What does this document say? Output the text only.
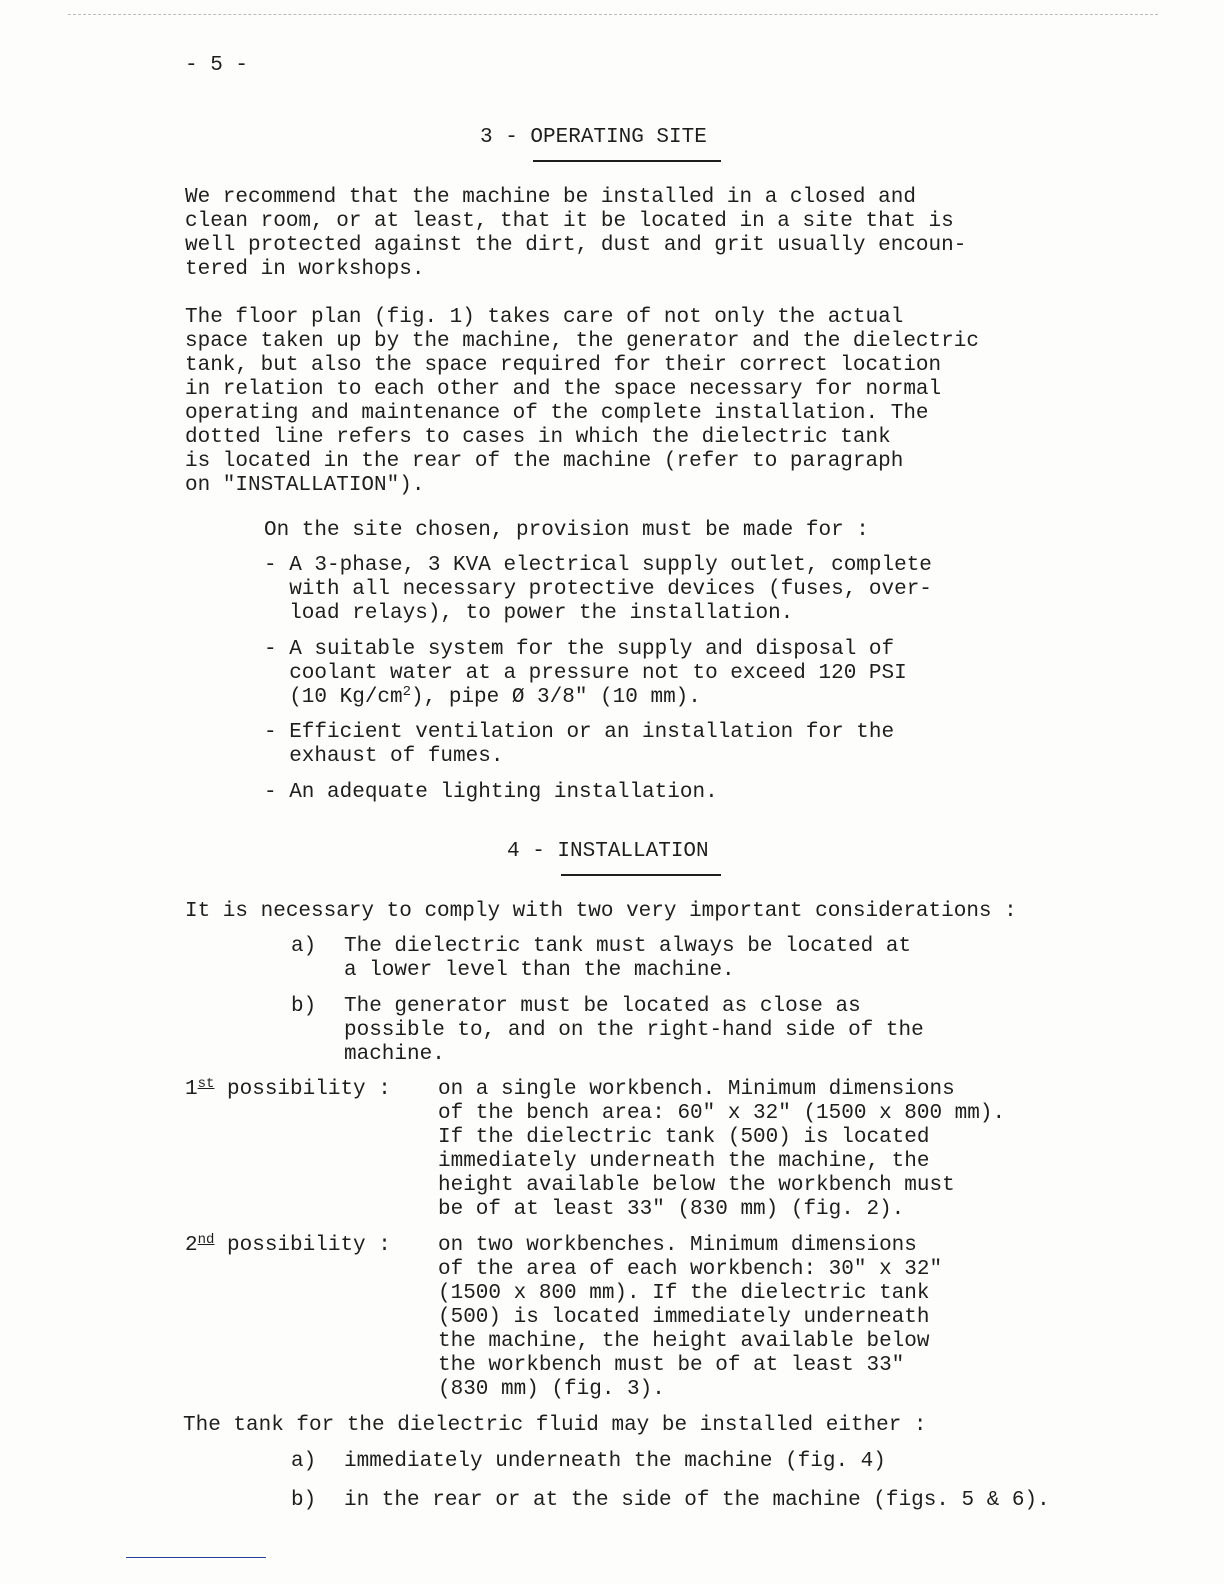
- 5 -
3 - OPERATING SITE
We recommend that the machine be installed in a closed and
clean room, or at least, that it be located in a site that is
well protected against the dirt, dust and grit usually encoun-
tered in workshops.
The floor plan (fig. 1) takes care of not only the actual
space taken up by the machine, the generator and the dielectric
tank, but also the space required for their correct location
in relation to each other and the space necessary for normal
operating and maintenance of the complete installation. The
dotted line refers to cases in which the dielectric tank
is located in the rear of the machine (refer to paragraph
on "INSTALLATION").
On the site chosen, provision must be made for :
- A 3-phase, 3 KVA electrical supply outlet, complete
with all necessary protective devices (fuses, over-
load relays), to power the installation.
- A suitable system for the supply and disposal of
coolant water at a pressure not to exceed 120 PSI
(10 $Kg/cm^2$), pipe Ø 3/8" (10 mm).
- Efficient ventilation or an installation for the
exhaust of fumes.
- An adequate lighting installation.
4 - INSTALLATION
It is necessary to comply with two very important considerations :
a) The dielectric tank must always be located at
a lower level than the machine.
b) The generator must be located as close as
possible to, and on the right-hand side of the
machine.
1st possibility : on a single workbench. Minimum dimensions
of the bench area: 60" x 32" (1500 x 800 mm).
If the dielectric tank (500) is located
immediately underneath the machine, the
height available below the workbench must
be of at least 33" (830 mm) (fig. 2).
2nd possibility : on two workbenches. Minimum dimensions
of the area of each workbench: 30" x 32"
(1500 x 800 mm). If the dielectric tank
(500) is located immediately underneath
the machine, the height available below
the workbench must be of at least 33"
(830 mm) (fig. 3).
The tank for the dielectric fluid may be installed either :
a) immediately underneath the machine (fig. 4)
b) in the rear or at the side of the machine (figs. 5 & 6).
